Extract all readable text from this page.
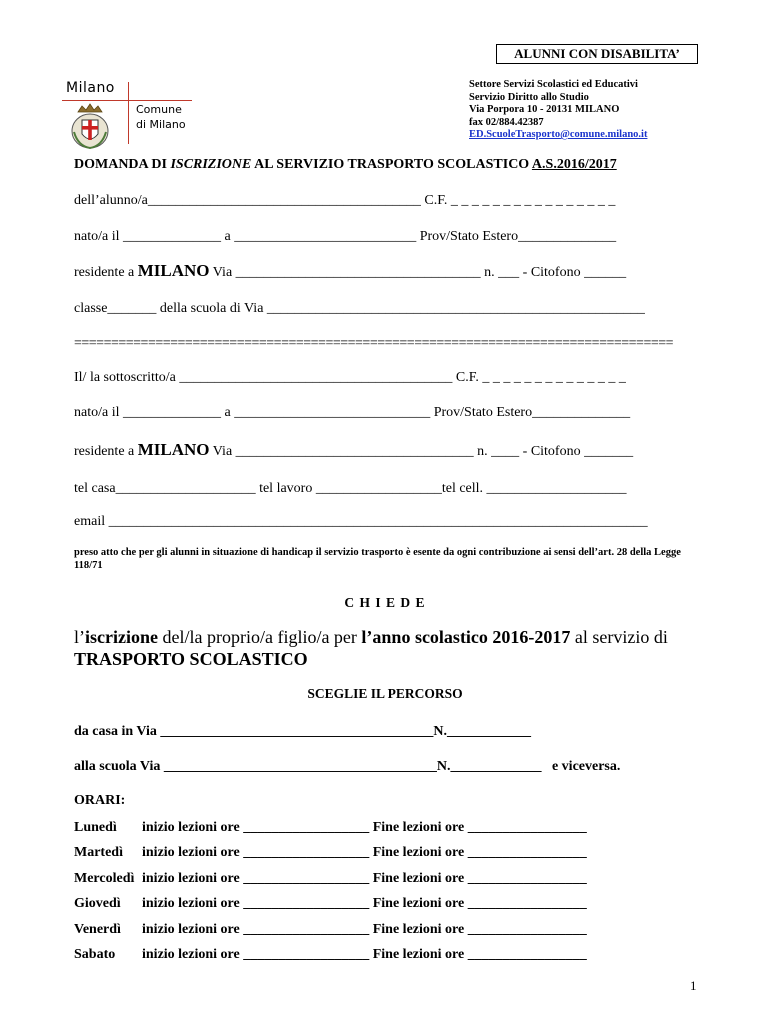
ALUNNI CON DISABILITA’
Milano
Comune
di Milano
Settore Servizi Scolastici ed Educativi
Servizio Diritto allo Studio
Via Porpora 10 - 20131 MILANO
fax 02/884.42387
ED.ScuoleTrasporto@comune.milano.it
DOMANDA DI ISCRIZIONE AL SERVIZIO TRASPORTO SCOLASTICO A.S.2016/2017
dell’alunno/a_______________________________________ C.F. _ _ _ _ _ _ _ _ _ _ _ _ _ _ _ _
nato/a il ______________ a __________________________ Prov/Stato Estero______________
residente a MILANO Via ___________________________________ n. ___ - Citofono ______
classe_______ della scuola di Via ______________________________________________________
=================================================================================
Il/ la sottoscritto/a _______________________________________ C.F. _ _ _ _ _ _ _ _ _ _ _ _ _ _
nato/a il ______________ a ____________________________ Prov/Stato Estero______________
residente a MILANO Via __________________________________ n. ____ - Citofono _______
tel casa____________________ tel lavoro __________________tel cell. ____________________
email _____________________________________________________________________________
preso atto che per gli alunni in situazione di handicap il servizio trasporto è esente da ogni contribuzione ai sensi dell’art. 28 della Legge 118/71
C H I E D E
l’iscrizione del/la proprio/a figlio/a per l’anno scolastico 2016-2017 al servizio di
TRASPORTO SCOLASTICO
SCEGLIE IL PERCORSO
da casa in Via _______________________________________N.____________
alla scuola Via _______________________________________N._____________ e viceversa.
ORARI:
Lunedì	inizio lezioni ore __________________ Fine lezioni ore _________________
Martedì	inizio lezioni ore __________________ Fine lezioni ore _________________
Mercoledì	inizio lezioni ore __________________ Fine lezioni ore _________________
Giovedì	inizio lezioni ore __________________ Fine lezioni ore _________________
Venerdì	inizio lezioni ore __________________ Fine lezioni ore _________________
Sabato	inizio lezioni ore __________________ Fine lezioni ore _________________
1
